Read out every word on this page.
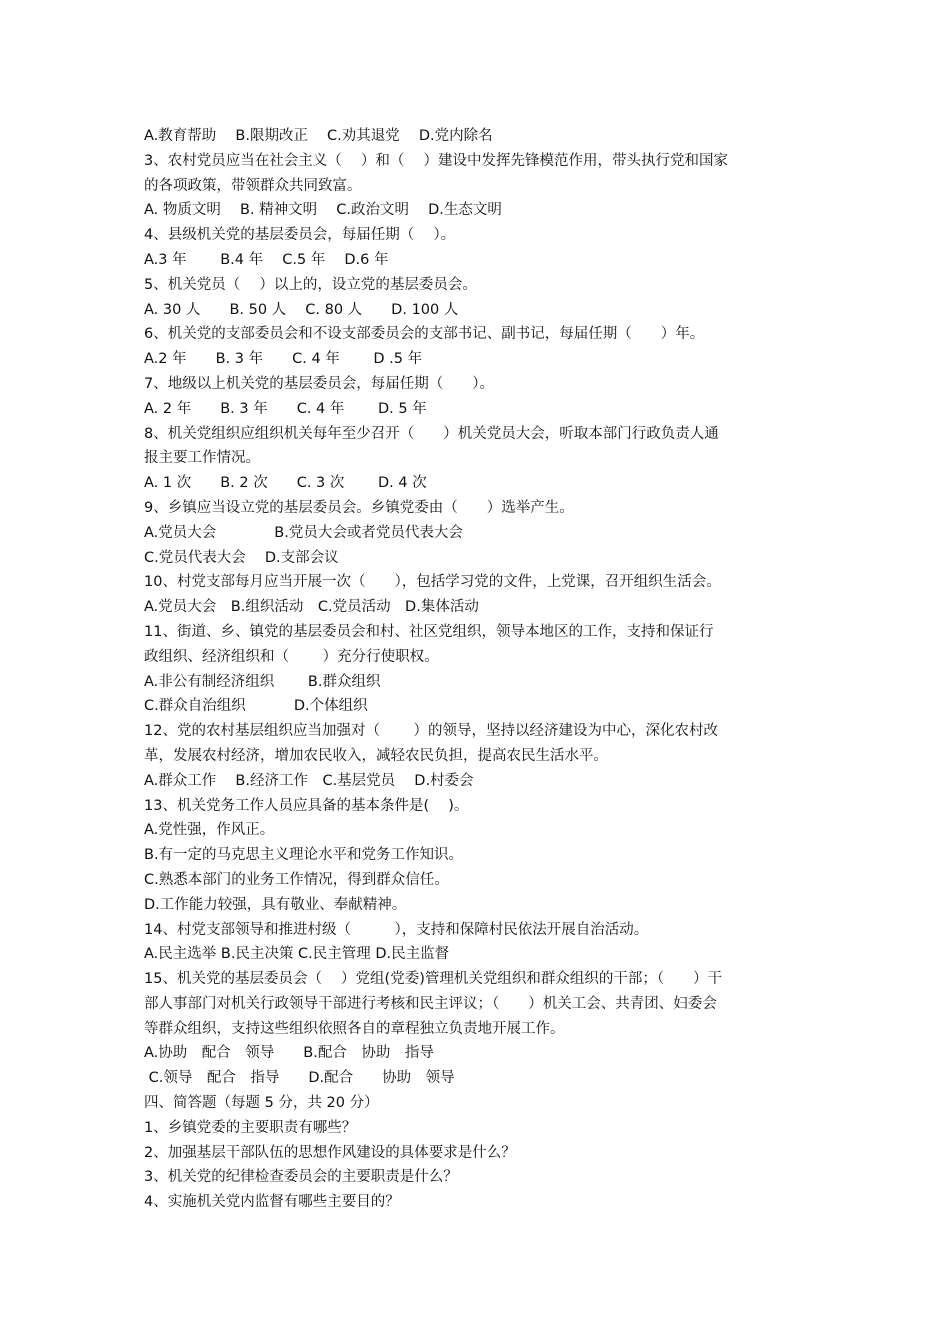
A.教育帮助　 B.限期改正　 C.劝其退党　 D.党内除名
3、农村党员应当在社会主义（　 ）和（　 ）建设中发挥先锋模范作用，带头执行党和国家
的各项政策，带领群众共同致富。
A. 物质文明　 B. 精神文明　 C.政治文明　 D.生态文明
4、县级机关党的基层委员会，每届任期（　 ）。
A.3 年　　 B.4 年　 C.5 年　 D.6 年
5、机关党员（　 ）以上的，设立党的基层委员会。
A. 30 人　　B. 50 人　 C. 80 人　　D. 100 人
6、机关党的支部委员会和不设支部委员会的支部书记、副书记，每届任期（　　）年。
A.2 年　　B. 3 年　　C. 4 年　　 D .5 年
7、地级以上机关党的基层委员会，每届任期（　　）。
A. 2 年　　B. 3 年　　C. 4 年　　 D. 5 年
8、机关党组织应组织机关每年至少召开（　　）机关党员大会，听取本部门行政负责人通
报主要工作情况。
A. 1 次　　B. 2 次　　C. 3 次　　 D. 4 次
9、乡镇应当设立党的基层委员会。乡镇党委由（　　）选举产生。
A.党员大会　　　　B.党员大会或者党员代表大会
C.党员代表大会　 D.支部会议
10、村党支部每月应当开展一次（　　），包括学习党的文件，上党课，召开组织生活会。
A.党员大会　B.组织活动　C.党员活动　D.集体活动
11、街道、乡、镇党的基层委员会和村、社区党组织，领导本地区的工作，支持和保证行
政组织、经济组织和（　　 ）充分行使职权。
A.非公有制经济组织　　 B.群众组织
C.群众自治组织　　　 D.个体组织
12、党的农村基层组织应当加强对（　　 ）的领导，坚持以经济建设为中心，深化农村改
革，发展农村经济，增加农民收入，减轻农民负担，提高农民生活水平。
A.群众工作　 B.经济工作　C.基层党员　 D.村委会
13、机关党务工作人员应具备的基本条件是(　 )。
A.党性强，作风正。
B.有一定的马克思主义理论水平和党务工作知识。
C.熟悉本部门的业务工作情况，得到群众信任。
D.工作能力较强，具有敬业、奉献精神。
14、村党支部领导和推进村级（　　　），支持和保障村民依法开展自治活动。
A.民主选举 B.民主决策 C.民主管理 D.民主监督
15、机关党的基层委员会（　 ）党组(党委)管理机关党组织和群众组织的干部；（　　）干
部人事部门对机关行政领导干部进行考核和民主评议；（　　）机关工会、共青团、妇委会
等群众组织，支持这些组织依照各自的章程独立负责地开展工作。
A.协助　配合　领导　　B.配合　协助　指导
C.领导　配合　指导　　D.配合　　协助　领导
四、简答题（每题 5 分，共 20 分）
1、乡镇党委的主要职责有哪些？
2、加强基层干部队伍的思想作风建设的具体要求是什么？
3、机关党的纪律检查委员会的主要职责是什么？
4、实施机关党内监督有哪些主要目的？
